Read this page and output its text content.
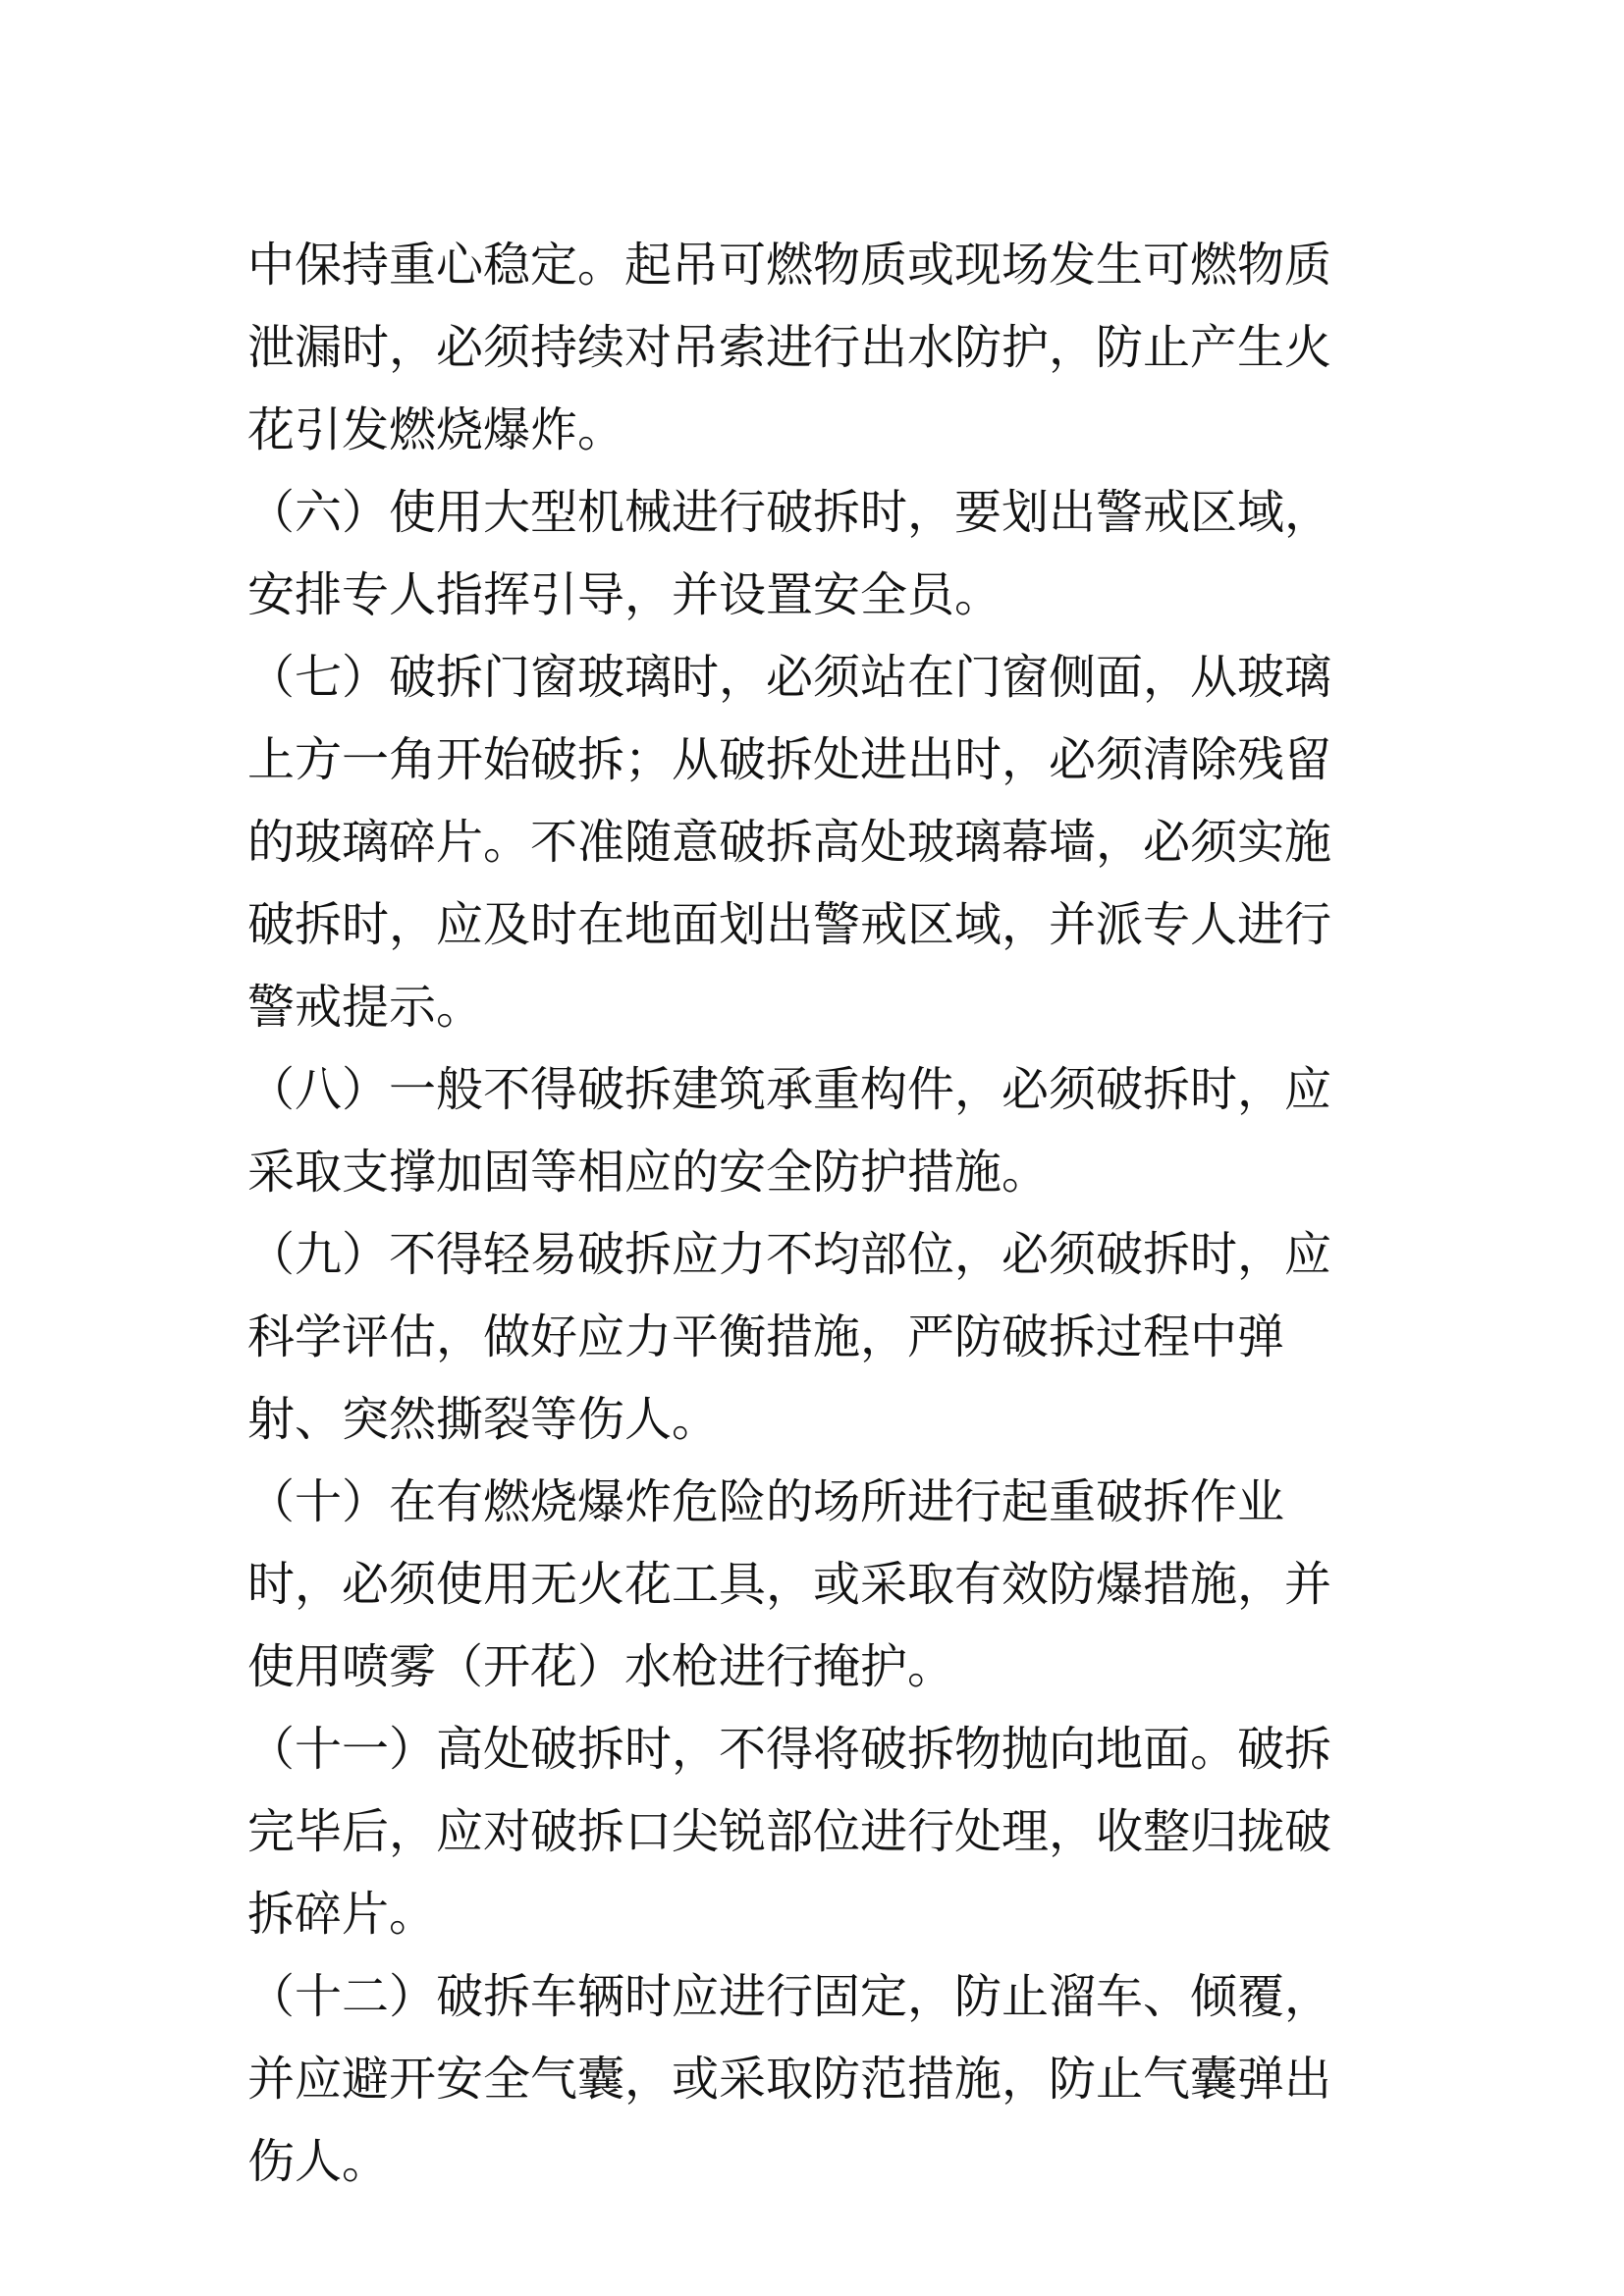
中保持重心稳定。起吊可燃物质或现场发生可燃物质泄漏时，必须持续对吊索进行出水防护，防止产生火花引发燃烧爆炸。

（六）使用大型机械进行破拆时，要划出警戒区域，安排专人指挥引导，并设置安全员。

（七）破拆门窗玻璃时，必须站在门窗侧面，从玻璃上方一角开始破拆；从破拆处进出时，必须清除残留的玻璃碎片。不准随意破拆高处玻璃幕墙，必须实施破拆时，应及时在地面划出警戒区域，并派专人进行警戒提示。

（八）一般不得破拆建筑承重构件，必须破拆时，应采取支撑加固等相应的安全防护措施。

（九）不得轻易破拆应力不均部位，必须破拆时，应科学评估，做好应力平衡措施，严防破拆过程中弹射、突然撕裂等伤人。

（十）在有燃烧爆炸危险的场所进行起重破拆作业时，必须使用无火花工具，或采取有效防爆措施，并使用喷雾（开花）水枪进行掩护。

（十一）高处破拆时，不得将破拆物抛向地面。破拆完毕后，应对破拆口尖锐部位进行处理，收整归拢破拆碎片。

（十二）破拆车辆时应进行固定，防止溜车、倾覆，并应避开安全气囊，或采取防范措施，防止气囊弹出伤人。
